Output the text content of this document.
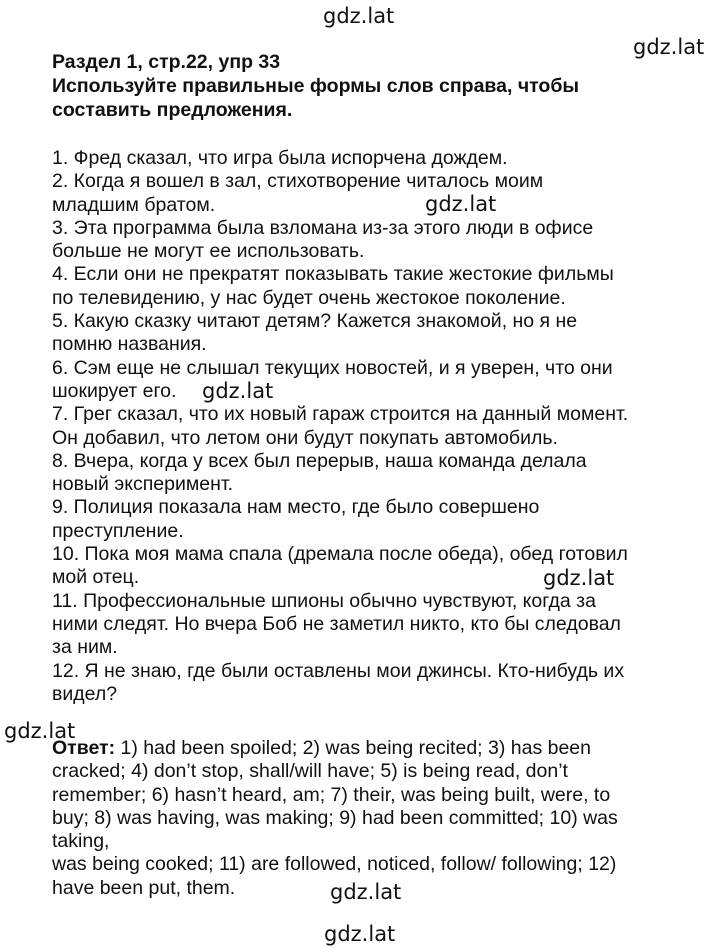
gdz.lat
gdz.lat
Раздел 1, стр.22, упр 33
Используйте правильные формы слов справа, чтобы
составить предложения.
1. Фред сказал, что игра была испорчена дождем.
2. Когда я вошел в зал, стихотворение читалось моим
младшим братом.
3. Эта программа была взломана из-за этого люди в офисе
больше не могут ее использовать.
4. Если они не прекратят показывать такие жестокие фильмы
по телевидению, у нас будет очень жестокое поколение.
5. Какую сказку читают детям? Кажется знакомой, но я не
помню названия.
6. Сэм еще не слышал текущих новостей, и я уверен, что они
шокирует его.
7. Грег сказал, что их новый гараж строится на данный момент.
Он добавил, что летом они будут покупать автомобиль.
8. Вчера, когда у всех был перерыв, наша команда делала
новый эксперимент.
9. Полиция показала нам место, где было совершено
преступление.
10. Пока моя мама спала (дремала после обеда), обед готовил
мой отец.
11. Профессиональные шпионы обычно чувствуют, когда за
ними следят. Но вчера Боб не заметил никто, кто бы следовал
за ним.
12. Я не знаю, где были оставлены мои джинсы. Кто-нибудь их
видел?
gdz.lat
gdz.lat
gdz.lat
gdz.lat
Ответ: 1) had been spoiled; 2) was being recited; 3) has been
cracked; 4) don’t stop, shall/will have; 5) is being read, don’t
remember; 6) hasn’t heard, am; 7) their, was being built, were, to
buy; 8) was having, was making; 9) had been committed; 10) was
taking,
was being cooked; 11) are followed, noticed, follow/ following; 12)
have been put, them.	gdz.lat
gdz.lat
